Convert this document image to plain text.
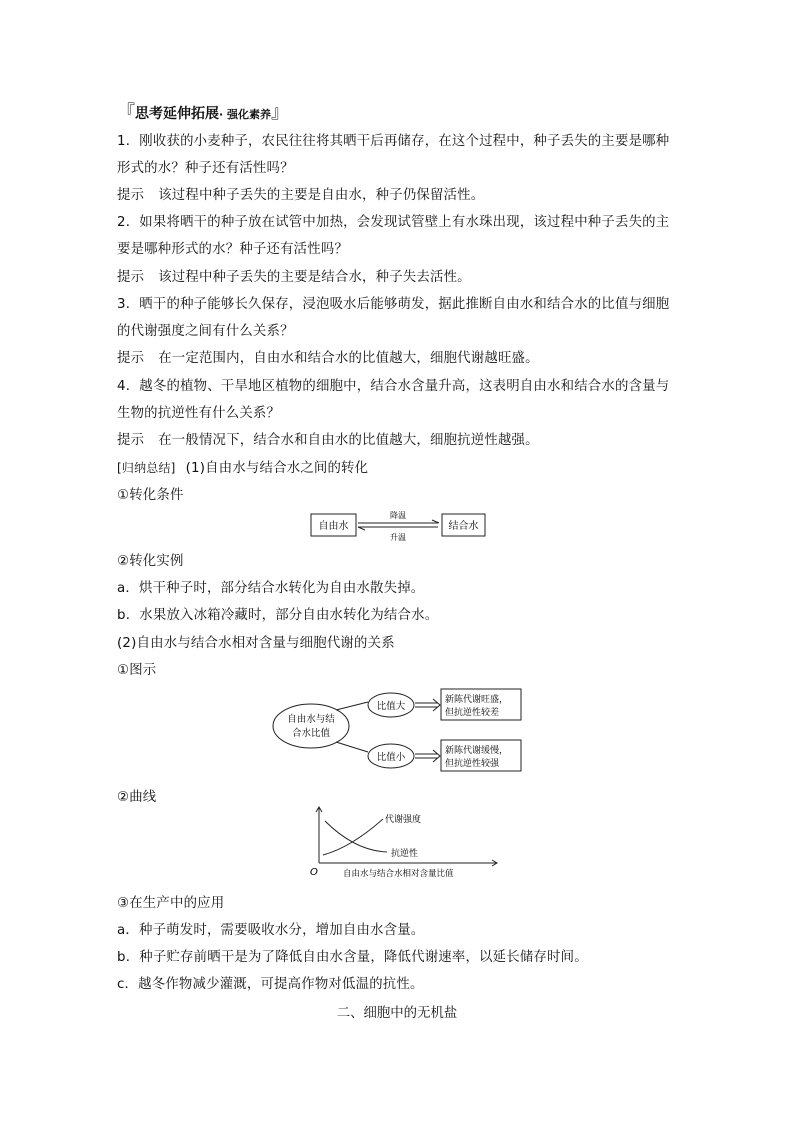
『思考延伸拓展· 强化素养』
1．刚收获的小麦种子，农民往往将其晒干后再储存，在这个过程中，种子丢失的主要是哪种
形式的水？种子还有活性吗？
提示 该过程中种子丢失的主要是自由水，种子仍保留活性。
2．如果将晒干的种子放在试管中加热，会发现试管壁上有水珠出现，该过程中种子丢失的主
要是哪种形式的水？种子还有活性吗？
提示 该过程中种子丢失的主要是结合水，种子失去活性。
3．晒干的种子能够长久保存，浸泡吸水后能够萌发，据此推断自由水和结合水的比值与细胞
的代谢强度之间有什么关系？
提示 在一定范围内，自由水和结合水的比值越大，细胞代谢越旺盛。
4．越冬的植物、干旱地区植物的细胞中，结合水含量升高，这表明自由水和结合水的含量与
生物的抗逆性有什么关系？
提示 在一般情况下，结合水和自由水的比值越大，细胞抗逆性越强。
[归纳总结] (1)自由水与结合水之间的转化
①转化条件
自由水	结合水
降温
升温
②转化实例
a．烘干种子时，部分结合水转化为自由水散失掉。
b．水果放入冰箱冷藏时，部分自由水转化为结合水。
(2)自由水与结合水相对含量与细胞代谢的关系
①图示
自由水与结
合水比值
比值大
比值小
新陈代谢旺盛，
但抗逆性较差
新陈代谢缓慢，
但抗逆性较强
②曲线
代谢强度
抗逆性
O	自由水与结合水相对含量比值
③在生产中的应用
a．种子萌发时，需要吸收水分，增加自由水含量。
b．种子贮存前晒干是为了降低自由水含量，降低代谢速率，以延长储存时间。
c．越冬作物减少灌溉，可提高作物对低温的抗性。
二、细胞中的无机盐
